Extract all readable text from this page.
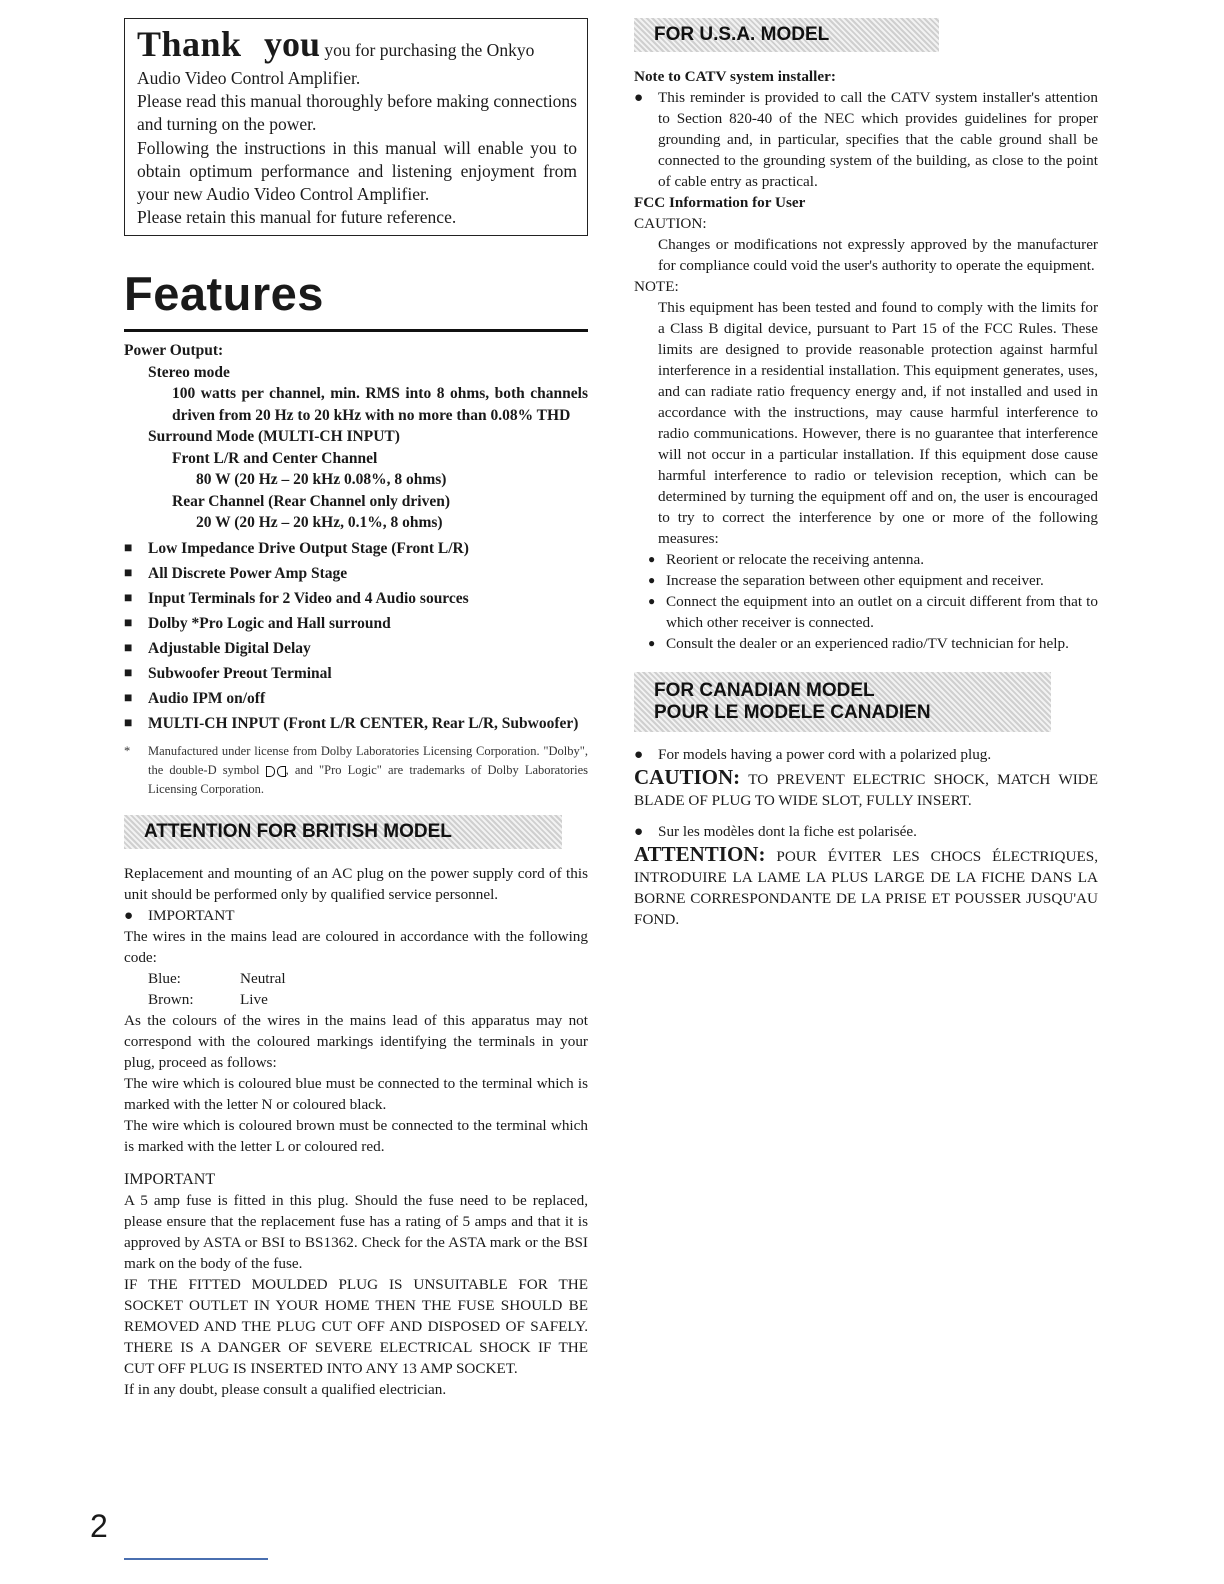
Thank you you for purchasing the Onkyo

Audio Video Control Amplifier.

Please read this manual thoroughly before making connections and turning on the power.

Following the instructions in this manual will enable you to obtain optimum performance and listening enjoyment from your new Audio Video Control Amplifier.

Please retain this manual for future reference.

Features

Power Output:

Stereo mode

100 watts per channel, min. RMS into 8 ohms, both channels driven from 20 Hz to 20 kHz with no more than 0.08% THD

Surround Mode (MULTI-CH INPUT)

Front L/R and Center Channel

80 W (20 Hz – 20 kHz 0.08%, 8 ohms)

Rear Channel (Rear Channel only driven)

20 W (20 Hz – 20 kHz, 0.1%, 8 ohms)

■	Low Impedance Drive Output Stage (Front L/R)
■	All Discrete Power Amp Stage
■	Input Terminals for 2 Video and 4 Audio sources
■	Dolby *Pro Logic and Hall surround
■	Adjustable Digital Delay
■	Subwoofer Preout Terminal
■	Audio IPM on/off
■	MULTI-CH INPUT (Front L/R CENTER, Rear L/R, Subwoofer)
*	Manufactured under license from Dolby Laboratories Licensing Corporation. "Dolby", the double-D symbol , and "Pro Logic" are trademarks of Dolby Laboratories Licensing Corporation.

ATTENTION FOR BRITISH MODEL

Replacement and mounting of an AC plug on the power supply cord of this unit should be performed only by qualified service personnel.

● IMPORTANT

The wires in the mains lead are coloured in accordance with the following code:

Blue:	Neutral
Brown:	Live

As the colours of the wires in the mains lead of this apparatus may not correspond with the coloured markings identifying the terminals in your plug, proceed as follows:

The wire which is coloured blue must be connected to the terminal which is marked with the letter N or coloured black.

The wire which is coloured brown must be connected to the terminal which is marked with the letter L or coloured red.

IMPORTANT

A 5 amp fuse is fitted in this plug. Should the fuse need to be replaced, please ensure that the replacement fuse has a rating of 5 amps and that it is approved by ASTA or BSI to BS1362. Check for the ASTA mark or the BSI mark on the body of the fuse.

IF THE FITTED MOULDED PLUG IS UNSUITABLE FOR THE SOCKET OUTLET IN YOUR HOME THEN THE FUSE SHOULD BE REMOVED AND THE PLUG CUT OFF AND DISPOSED OF SAFELY. THERE IS A DANGER OF SEVERE ELECTRICAL SHOCK IF THE CUT OFF PLUG IS INSERTED INTO ANY 13 AMP SOCKET.

If in any doubt, please consult a qualified electrician.

FOR U.S.A. MODEL

Note to CATV system installer:

● This reminder is provided to call the CATV system installer's attention to Section 820-40 of the NEC which provides guidelines for proper grounding and, in particular, specifies that the cable ground shall be connected to the grounding system of the building, as close to the point of cable entry as practical.

FCC Information for User

CAUTION:

Changes or modifications not expressly approved by the manufacturer for compliance could void the user's authority to operate the equipment.

NOTE:

This equipment has been tested and found to comply with the limits for a Class B digital device, pursuant to Part 15 of the FCC Rules. These limits are designed to provide reasonable protection against harmful interference in a residential installation. This equipment generates, uses, and can radiate ratio frequency energy and, if not installed and used in accordance with the instructions, may cause harmful interference to radio communications. However, there is no guarantee that interference will not occur in a particular installation. If this equipment dose cause harmful interference to radio or television reception, which can be determined by turning the equipment off and on, the user is encouraged to try to correct the interference by one or more of the following measures:

● Reorient or relocate the receiving antenna.

● Increase the separation between other equipment and receiver.

● Connect the equipment into an outlet on a circuit different from that to which other receiver is connected.

● Consult the dealer or an experienced radio/TV technician for help.

FOR CANADIAN MODEL
POUR LE MODELE CANADIEN
● For models having a power cord with a polarized plug.

CAUTION: TO PREVENT ELECTRIC SHOCK, MATCH WIDE BLADE OF PLUG TO WIDE SLOT, FULLY INSERT.

● Sur les modèles dont la fiche est polarisée.

ATTENTION: POUR ÉVITER LES CHOCS ÉLECTRIQUES, INTRODUIRE LA LAME LA PLUS LARGE DE LA FICHE DANS LA BORNE CORRESPONDANTE DE LA PRISE ET POUSSER JUSQU'AU FOND.

2
